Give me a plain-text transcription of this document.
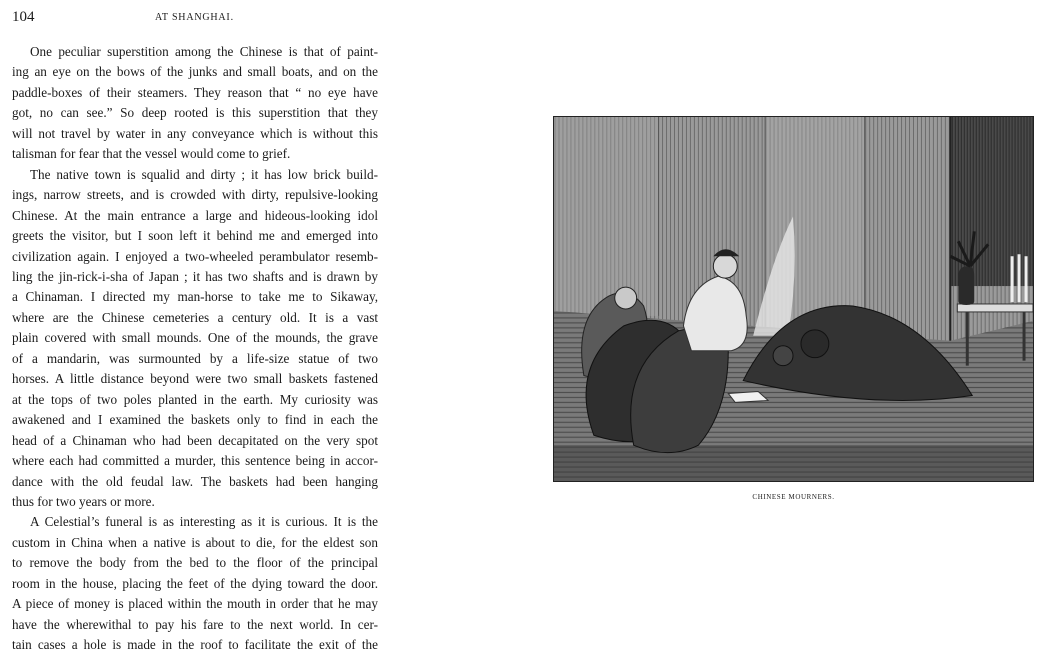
104	AT SHANGHAI.

One peculiar superstition among the Chinese is that of paint-
ing an eye on the bows of the junks and small boats, and on the
paddle-boxes of their steamers. They reason that “ no eye have
got, no can see.” So deep rooted is this superstition that they
will not travel by water in any conveyance which is without this
talisman for fear that the vessel would come to grief.

The native town is squalid and dirty ; it has low brick build-
ings, narrow streets, and is crowded with dirty, repulsive-looking
Chinese. At the main entrance a large and hideous-looking idol
greets the visitor, but I soon left it behind me and emerged into
civilization again. I enjoyed a two-wheeled perambulator resemb-
ling the jin-rick-i-sha of Japan ; it has two shafts and is drawn by
a Chinaman. I directed my man-horse to take me to Sikaway,
where are the Chinese cemeteries a century old. It is a vast
plain covered with small mounds. One of the mounds, the grave
of a mandarin, was surmounted by a life-size statue of two
horses. A little distance beyond were two small baskets fastened
at the tops of two poles planted in the earth. My curiosity was
awakened and I examined the baskets only to find in each the
head of a Chinaman who had been decapitated on the very spot
where each had committed a murder, this sentence being in accor-
dance with the old feudal law. The baskets had been hanging
thus for two years or more.

A Celestial’s funeral is as interesting as it is curious. It is the
custom in China when a native is about to die, for the eldest son
to remove the body from the bed to the floor of the principal
room in the house, placing the feet of the dying toward the door.
A piece of money is placed within the mouth in order that he may
have the wherewithal to pay his fare to the next world. In cer-
tain cases a hole is made in the roof to facilitate the exit of the

CHINESE MOURNERS.
